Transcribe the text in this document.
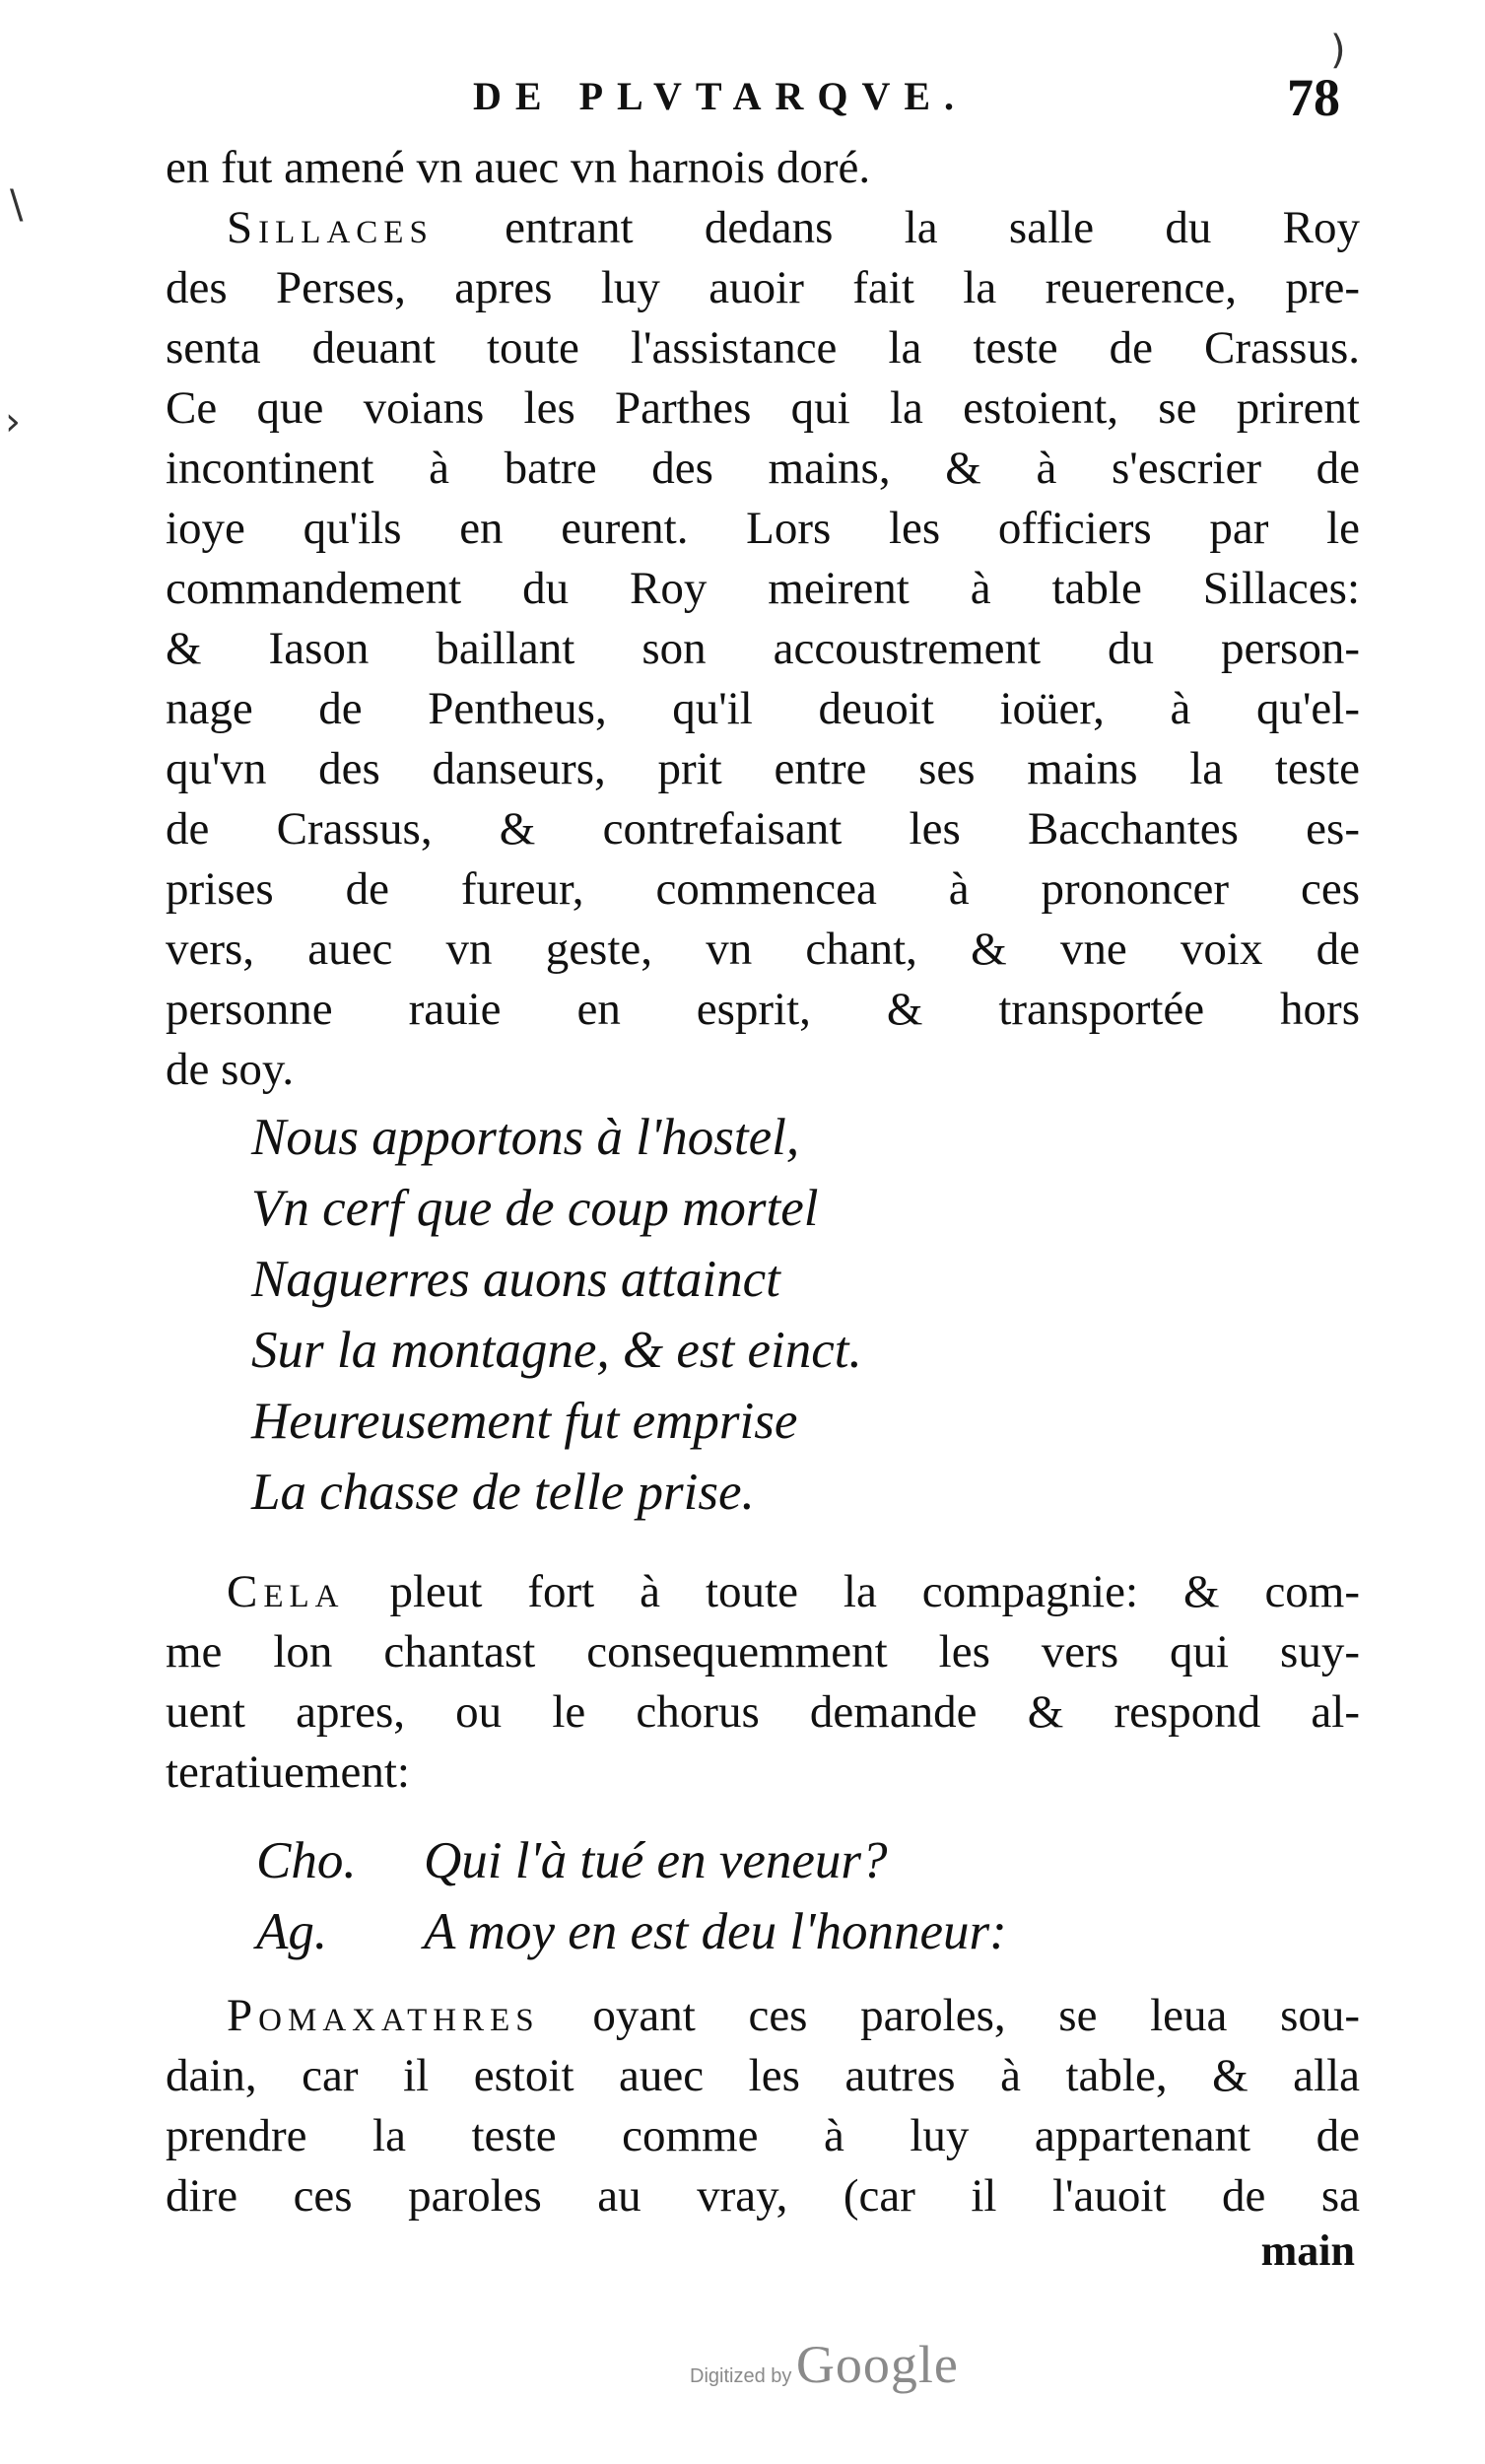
DE PLVTARQVE.	78
en fut amené vn auec vn harnois doré.
Sillaces entrant dedans la salle du Roy
des Perses, apres luy auoir fait la reuerence, pre-
senta deuant toute l'assistance la teste de Crassus.
Ce que voians les Parthes qui la estoient, se prirent
incontinent à batre des mains, & à s'escrier de
ioye qu'ils en eurent. Lors les officiers par le
commandement du Roy meirent à table Sillaces:
& Iason baillant son accoustrement du person-
nage de Pentheus, qu'il deuoit ioüer, à qu'el-
qu'vn des danseurs, prit entre ses mains la teste
de Crassus, & contrefaisant les Bacchantes es-
prises de fureur, commencea à prononcer ces
vers, auec vn geste, vn chant, & vne voix de
personne rauie en esprit, & transportée hors
de soy.
Nous apportons à l'hostel,
Vn cerf que de coup mortel
Naguerres auons attainct
Sur la montagne, & est einct.
Heureusement fut emprise
La chasse de telle prise.
Cela pleut fort à toute la compagnie: & com-
me lon chantast consequemment les vers qui suy-
uent apres, ou le chorus demande & respond al-
teratiuement:
Cho. Qui l'à tué en veneur?
Ag. A moy en est deu l'honneur:
Pomaxathres oyant ces paroles, se leua sou-
dain, car il estoit auec les autres à table, & alla
prendre la teste comme à luy appartenant de
dire ces paroles au vray, (car il l'auoit de sa
main
Digitized by Google
\
›
)
